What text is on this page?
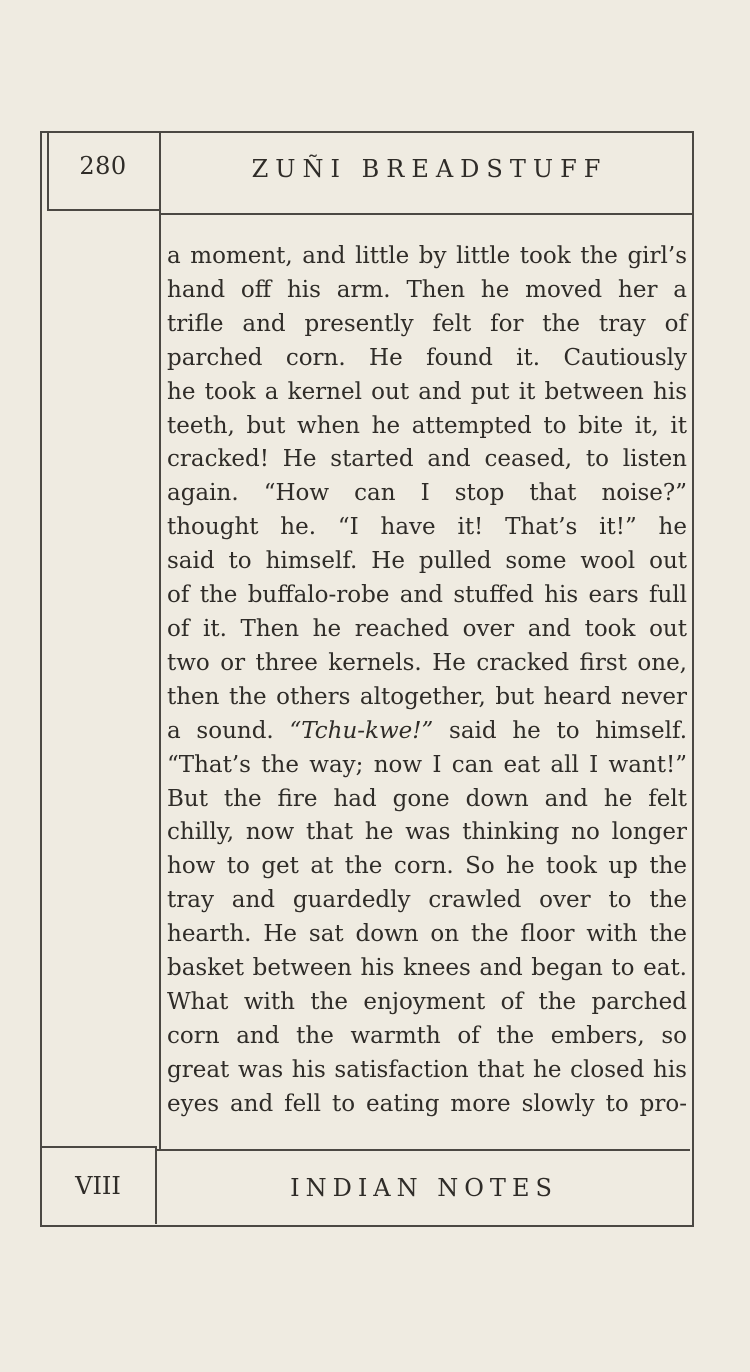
280	ZUÑI BREADSTUFF
a moment, and little by little took the girl’s
hand off his arm. Then he moved her a
trifle and presently felt for the tray of
parched corn. He found it. Cautiously
he took a kernel out and put it between his
teeth, but when he attempted to bite it, it
cracked! He started and ceased, to listen
again. “How can I stop that noise?”
thought he. “I have it! That’s it!” he
said to himself. He pulled some wool out
of the buffalo-robe and stuffed his ears full
of it. Then he reached over and took out
two or three kernels. He cracked first one,
then the others altogether, but heard never
a sound. “Tchu-kwe!” said he to himself.
“That’s the way; now I can eat all I want!”
But the fire had gone down and he felt
chilly, now that he was thinking no longer
how to get at the corn. So he took up the
tray and guardedly crawled over to the
hearth. He sat down on the floor with the
basket between his knees and began to eat.
What with the enjoyment of the parched
corn and the warmth of the embers, so
great was his satisfaction that he closed his
eyes and fell to eating more slowly to pro-
VIII	INDIAN NOTES
